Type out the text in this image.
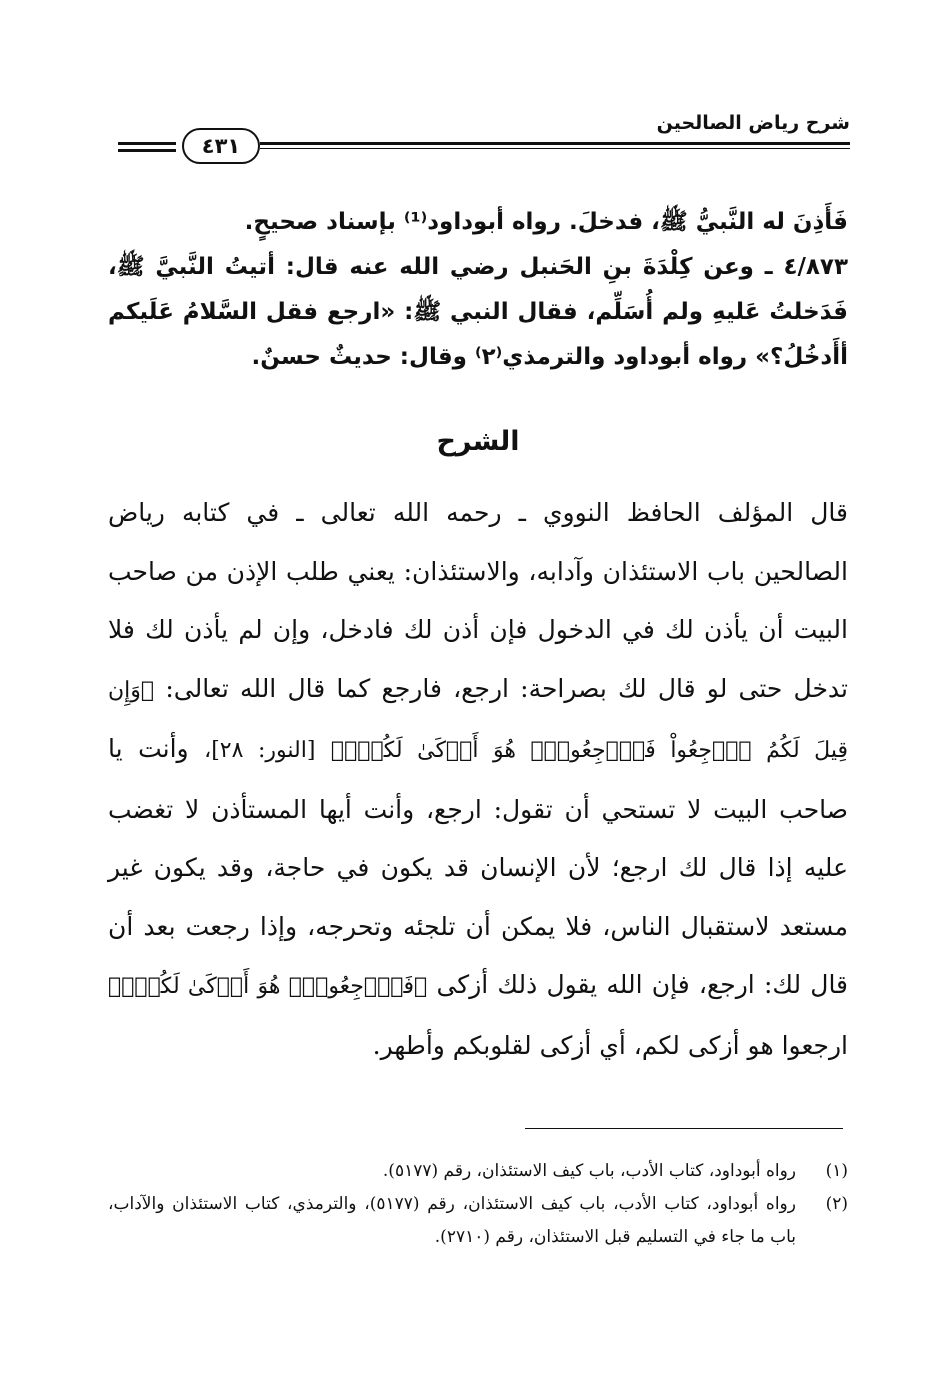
شرح رياض الصالحين
٤٣١

فَأَذِنَ له النَّبيُّ ﷺ، فدخلَ. رواه أبوداود⁽¹⁾ بإسناد صحيحٍ.

٤/٨٧٣ ـ وعن كِلْدَةَ بنِ الحَنبل رضي الله عنه قال: أتيتُ النَّبيَّ ﷺ، فَدَخلتُ عَليهِ ولم أُسَلِّم، فقال النبي ﷺ: «ارجع فقل السَّلامُ عَلَيكم أأَدخُلُ؟» رواه أبوداود والترمذي⁽٢⁾ وقال: حديثٌ حسنٌ.

الشرح

قال المؤلف الحافظ النووي ـ رحمه الله تعالى ـ في كتابه رياض الصالحين باب الاستئذان وآدابه، والاستئذان: يعني طلب الإذن من صاحب البيت أن يأذن لك في الدخول فإن أذن لك فادخل، وإن لم يأذن لك فلا تدخل حتى لو قال لك بصراحة: ارجع، فارجع كما قال الله تعالى: ﴿وَإِن قِيلَ لَكُمُ ٱرۡجِعُواْ فَٱرۡجِعُواْۖ هُوَ أَزۡكَىٰ لَكُمۡۚ﴾ [النور: ٢٨]، وأنت يا صاحب البيت لا تستحي أن تقول: ارجع، وأنت أيها المستأذن لا تغضب عليه إذا قال لك ارجع؛ لأن الإنسان قد يكون في حاجة، وقد يكون غير مستعد لاستقبال الناس، فلا يمكن أن تلجئه وتحرجه، وإذا رجعت بعد أن قال لك: ارجع، فإن الله يقول ذلك أزكى ﴿فَٱرۡجِعُواْۖ هُوَ أَزۡكَىٰ لَكُمۡۚ﴾ ارجعوا هو أزكى لكم، أي أزكى لقلوبكم وأطهر.

(١)
رواه أبوداود، كتاب الأدب، باب كيف الاستئذان، رقم (٥١٧٧).
(٢)
رواه أبوداود، كتاب الأدب، باب كيف الاستئذان، رقم (٥١٧٧)، والترمذي، كتاب الاستئذان والآداب، باب ما جاء في التسليم قبل الاستئذان، رقم (٢٧١٠).
